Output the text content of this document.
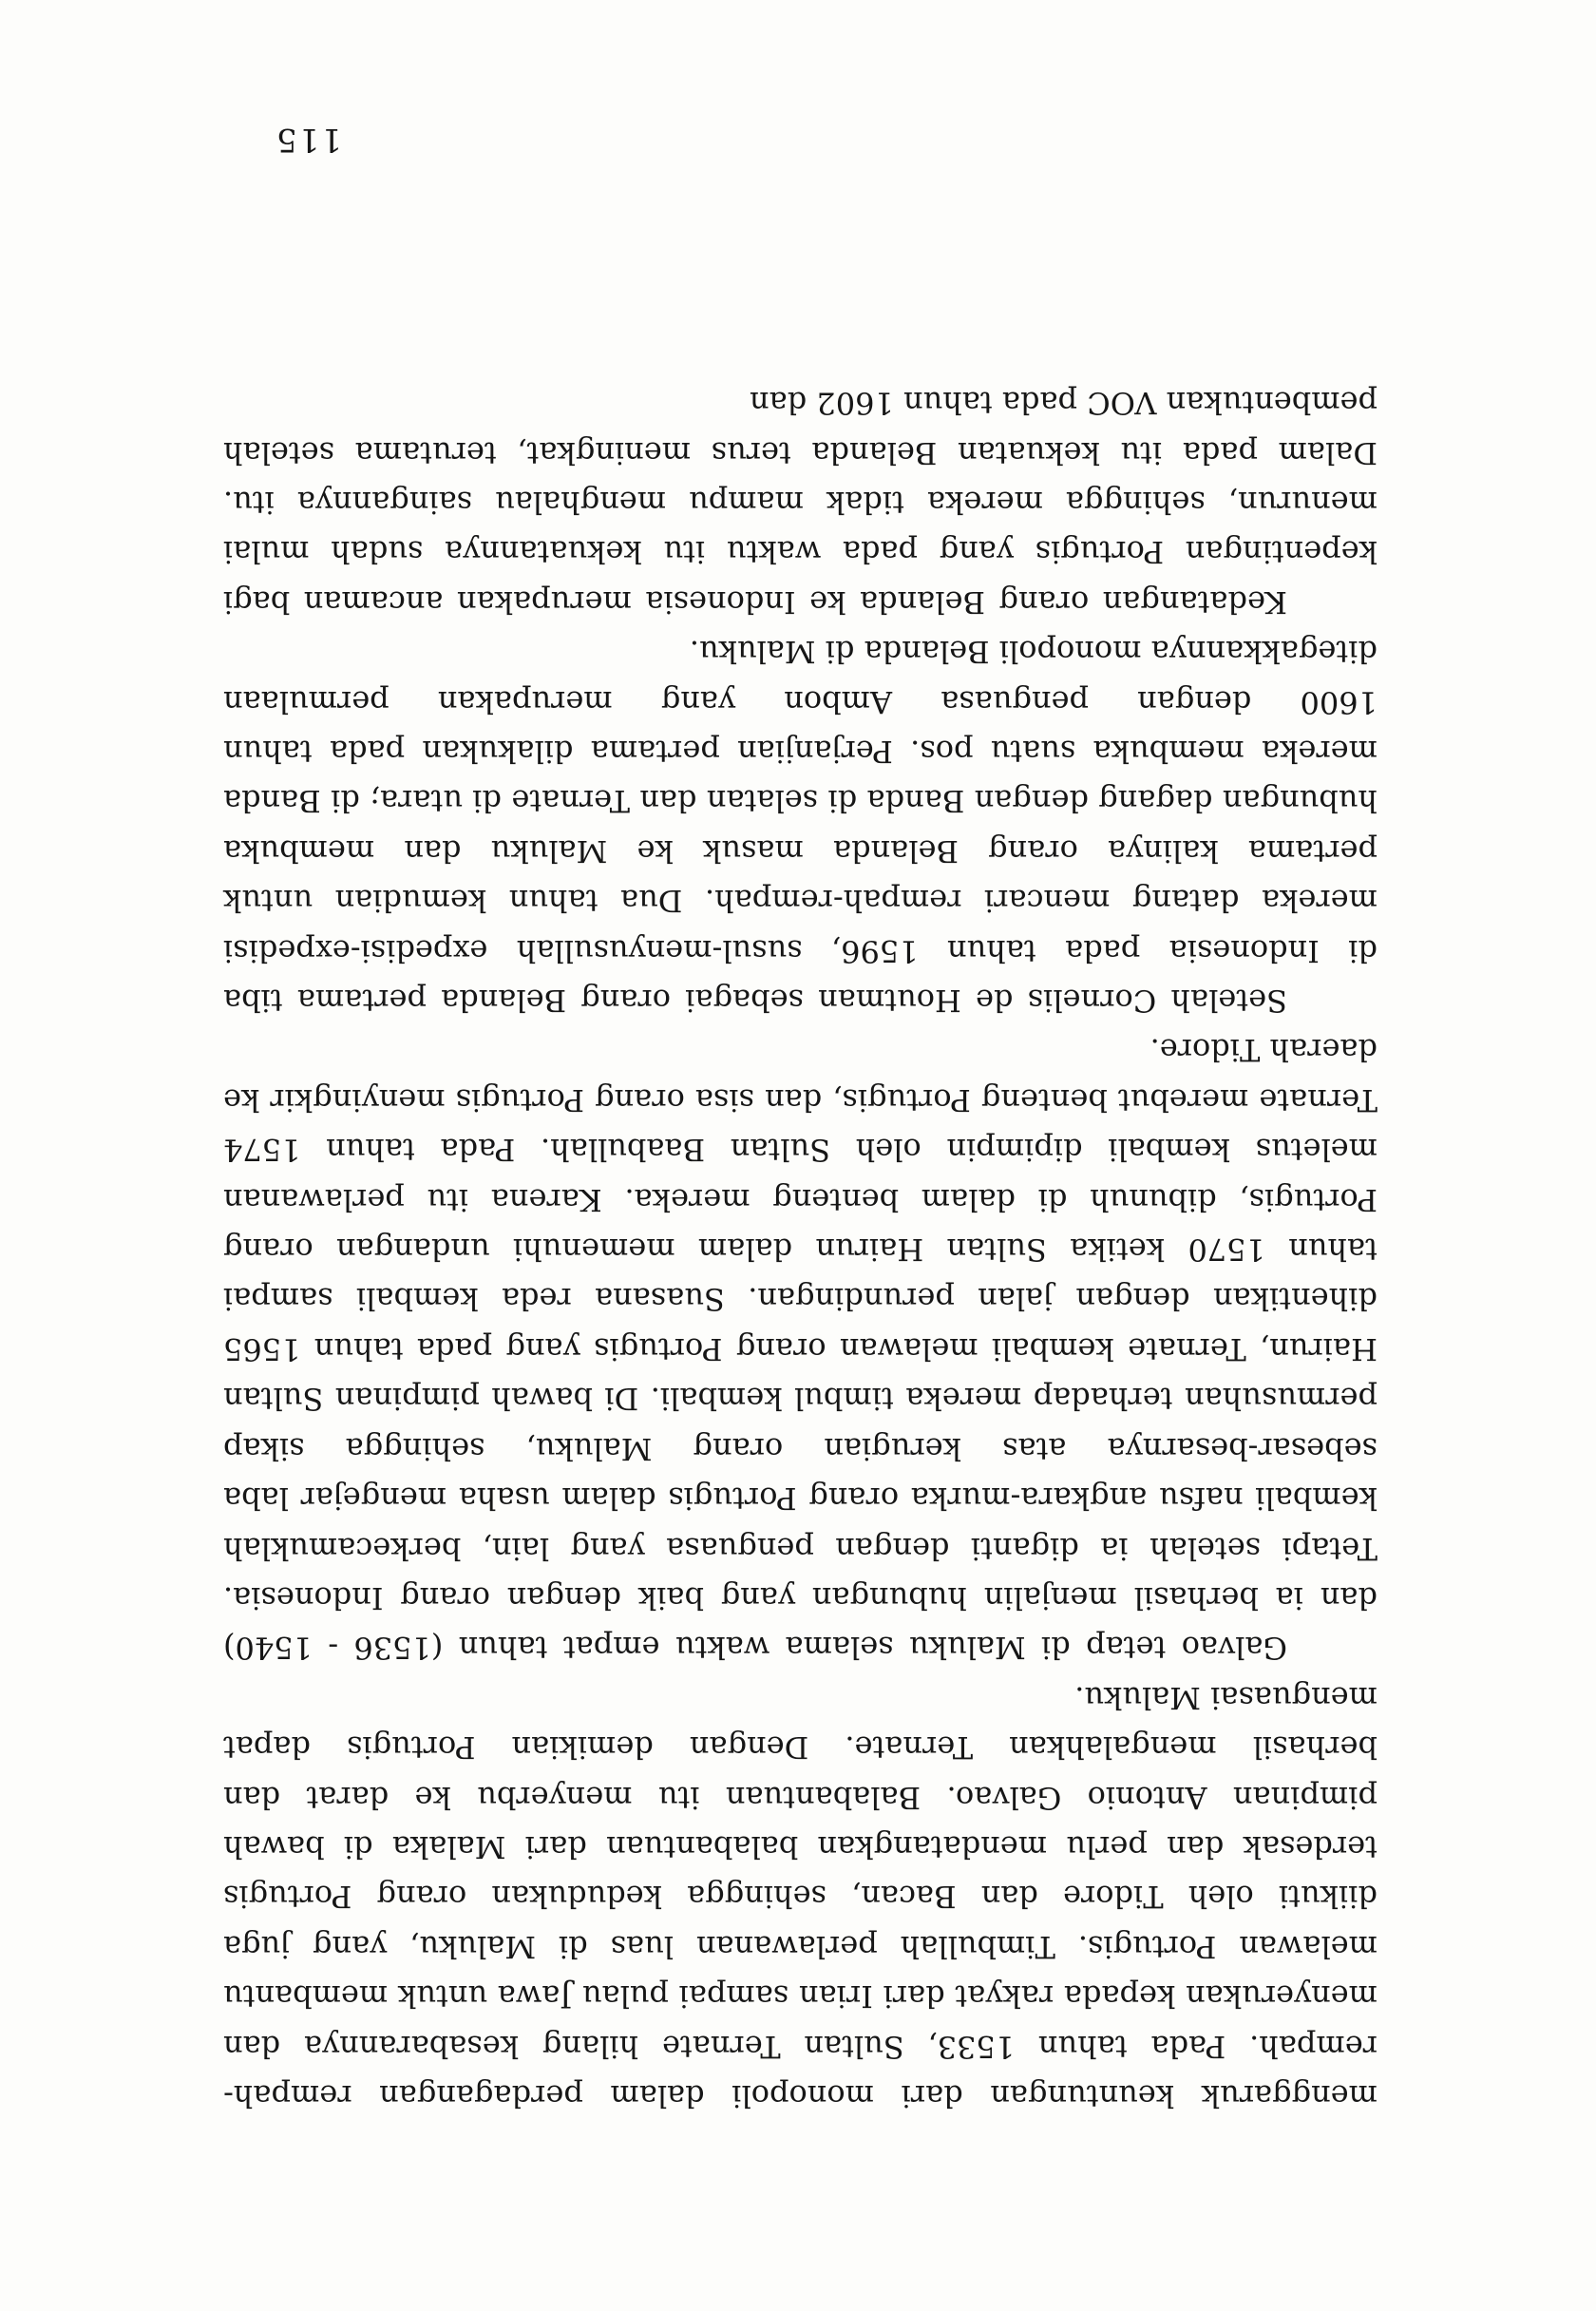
menggaruk keuntungan dari monopoli dalam perdagangan rempah-rempah. Pada tahun 1533, Sultan Ternate hilang kesabarannya dan menyerukan kepada rakyat dari Irian sampai pulau Jawa untuk membantu melawan Portugis. Timbullah perlawanan luas di Maluku, yang juga diikuti oleh Tidore dan Bacan, sehingga kedudukan orang Portugis terdesak dan perlu mendatangkan balabantuan dari Malaka di bawah pimpinan Antonio Galvao. Balabantuan itu menyerbu ke darat dan berhasil mengalahkan Ternate. Dengan demikian Portugis dapat menguasai Maluku.

Galvao tetap di Maluku selama waktu empat tahun (1536 - 1540) dan ia berhasil menjalin hubungan yang baik dengan orang Indonesia. Tetapi setelah ia diganti dengan penguasa yang lain, berkecamuklah kembali nafsu angkara-murka orang Portugis dalam usaha mengejar laba sebesar-besarnya atas kerugian orang Maluku, sehingga sikap permusuhan terhadap mereka timbul kembali. Di bawah pimpinan Sultan Hairun, Ternate kembali melawan orang Portugis yang pada tahun 1565 dihentikan dengan jalan perundingan. Suasana reda kembali sampai tahun 1570 ketika Sultan Hairun dalam memenuhi undangan orang Portugis, dibunuh di dalam benteng mereka. Karena itu perlawanan meletus kembali dipimpin oleh Sultan Baabullah. Pada tahun 1574 Ternate merebut benteng Portugis, dan sisa orang Portugis menyingkir ke daerah Tidore.

Setelah Cornelis de Houtman sebagai orang Belanda pertama tiba di Indonesia pada tahun 1596, susul-menyusullah expedisi-expedisi mereka datang mencari rempah-rempah. Dua tahun kemudian untuk pertama kalinya orang Belanda masuk ke Maluku dan membuka hubungan dagang dengan Banda di selatan dan Ternate di utara; di Banda mereka membuka suatu pos. Perjanjian pertama dilakukan pada tahun 1600 dengan penguasa Ambon yang merupakan permulaan ditegakkannya monopoli Belanda di Maluku.

Kedatangan orang Belanda ke Indonesia merupakan ancaman bagi kepentingan Portugis yang pada waktu itu kekuatannya sudah mulai menurun, sehingga mereka tidak mampu menghalau saingannya itu. Dalam pada itu kekuatan Belanda terus meningkat, terutama setelah pembentukan VOC pada tahun 1602 dan

115
